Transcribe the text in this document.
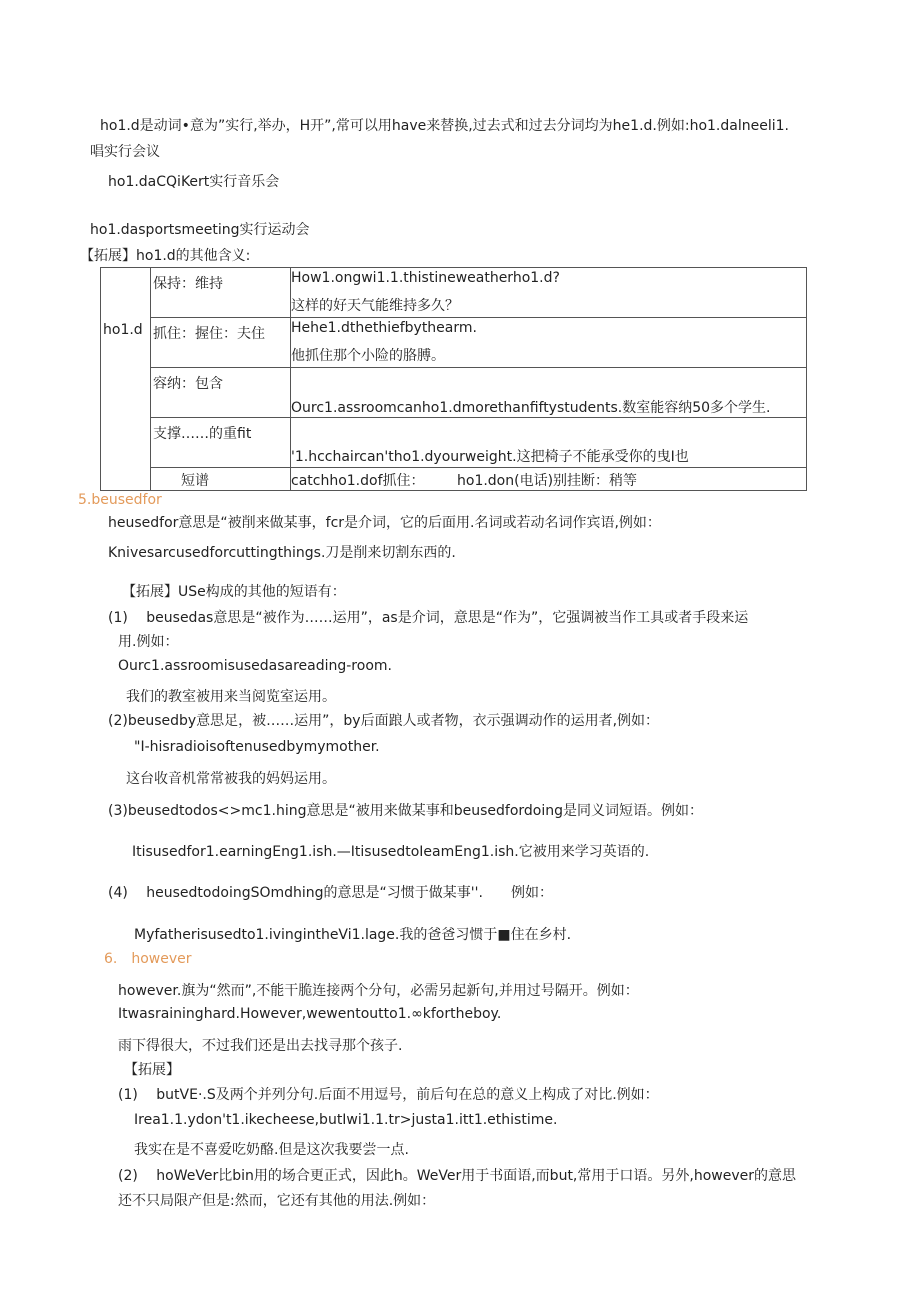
ho1.d是动词•意为”实行,举办，H开”,常可以用have来替换,过去式和过去分词均为he1.d.例如:ho1.dalneeli1.
唱实行会议
ho1.daCQiKert实行音乐会
ho1.dasportsmeeting实行运动会
【拓展】ho1.d的其他含义:
ho1.d	保持：维持	How1.ongwi1.1.thistineweatherho1.d?
这样的好天气能维持多久？

	抓住：握住：夫住	Hehe1.dthethiefbythearm.
他抓住那个小险的胳膊。

	容纳：包含	Ourc1.assroomcanho1.dmorethanfiftystudents.数室能容纳50多个学生.

	支撑……的重fit	'1.hcchaircan'tho1.dyourweight.这把椅子不能承受你的曳I也

	短谱	catchho1.dof抓住： ho1.don(电话)别挂断：稍等
5.beusedfor
heusedfor意思是“被削来做某事，fcr是介词，它的后面用.名词或若动名词作宾语,例如：
Knivesarcusedforcuttingthings.刀是削来切割东西的.
【拓展】USe构成的其他的短语有：
(1)　 beusedas意思是“被作为……运用”，as是介词，意思是“作为”，它强调被当作工具或者手段来运
用.例如：
Ourc1.assroomisusedasareading-room.
我们的教室被用来当阅览室运用。
(2)beusedby意思足，被……运用”，by后面踉人或者物，衣示强调动作的运用者,例如：
"I-hisradioisoftenusedbymymother.
这台收音机常常被我的妈妈运用。
(3)beusedtodos<>mc1.hing意思是“被用来做某事和beusedfordoing是同义词短语。例如：
Itisusedfor1.earningEng1.ish.—ItisusedtoIeamEng1.ish.它被用来学习英语的.
(4)　 heusedtodoingSOmdhing的意思是“习惯于做某事''.　　例如：
Myfatherisusedto1.ivingintheVi1.lage.我的爸爸习惯于■住在乡村.
6.　however
however.旗为“然而”,不能干脆连接两个分句，必需另起新句,并用过号隔开。例如：
Itwasraininghard.However,wewentoutto1.∞kfortheboy.
雨下得很大，不过我们还是出去找寻那个孩子.
【拓展】
(1)　 butVE·.S及两个并列分句.后面不用逗号，前后句在总的意义上构成了对比.例如：
Irea1.1.ydon't1.ikecheese,butIwi1.1.tr>justa1.itt1.ethistime.
我实在是不喜爱吃奶酪.但是这次我要尝一点.
(2)　 hoWeVer比bin用的场合更正式，因此h。WeVer用于书面语,而but,常用于口语。另外,however的意思
还不只局限产但是:然而，它还有其他的用法.例如：
